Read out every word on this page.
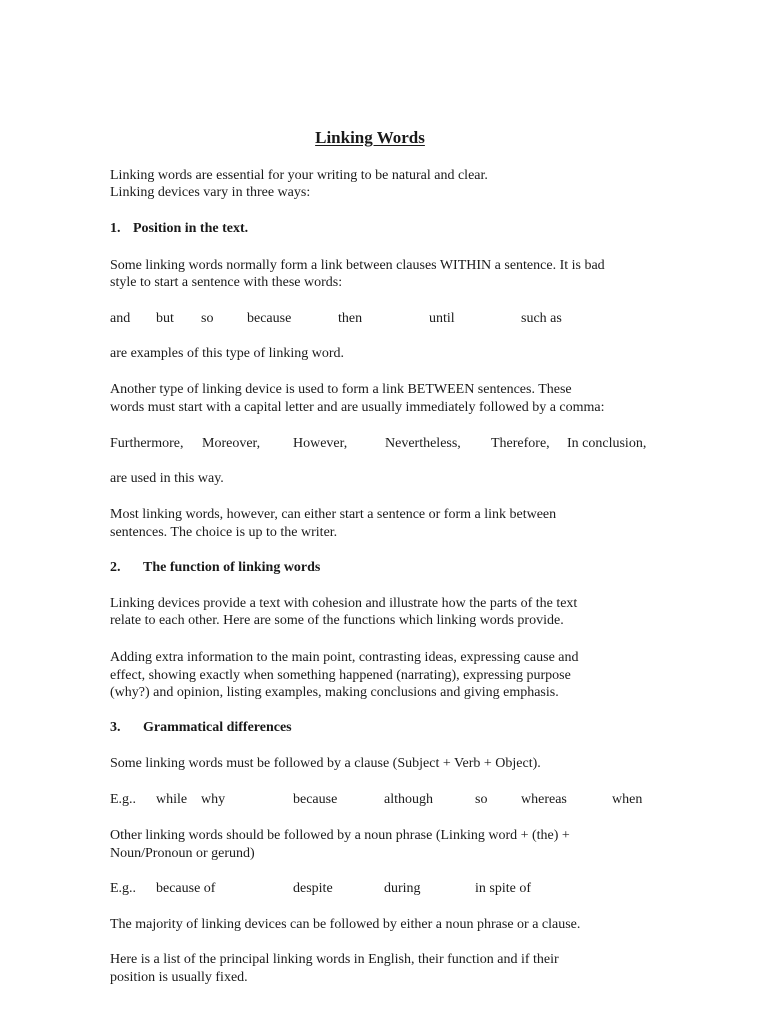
Linking Words
Linking words are essential for your writing to be natural and clear.
Linking devices vary in three ways:
1. Position in the text.
Some linking words normally form a link between clauses WITHIN a sentence. It is bad
style to start a sentence with these words:
and but so because	then	until	such as
are examples of this type of linking word.
Another type of linking device is used to form a link BETWEEN sentences. These
words must start with a capital letter and are usually immediately followed by a comma:
Furthermore, Moreover, However,	Nevertheless, Therefore, In conclusion,
are used in this way.
Most linking words, however, can either start a sentence or form a link between
sentences. The choice is up to the writer.
2. The function of linking words
Linking devices provide a text with cohesion and illustrate how the parts of the text
relate to each other. Here are some of the functions which linking words provide.
Adding extra information to the main point, contrasting ideas, expressing cause and
effect, showing exactly when something happened (narrating), expressing purpose
(why?) and opinion, listing examples, making conclusions and giving emphasis.
3. Grammatical differences
Some linking words must be followed by a clause (Subject + Verb + Object).
E.g.. while why	because	although	so whereas	when
Other linking words should be followed by a noun phrase (Linking word + (the) +
Noun/Pronoun or gerund)
E.g.. because of	despite	during	in spite of
The majority of linking devices can be followed by either a noun phrase or a clause.
Here is a list of the principal linking words in English, their function and if their
position is usually fixed.
